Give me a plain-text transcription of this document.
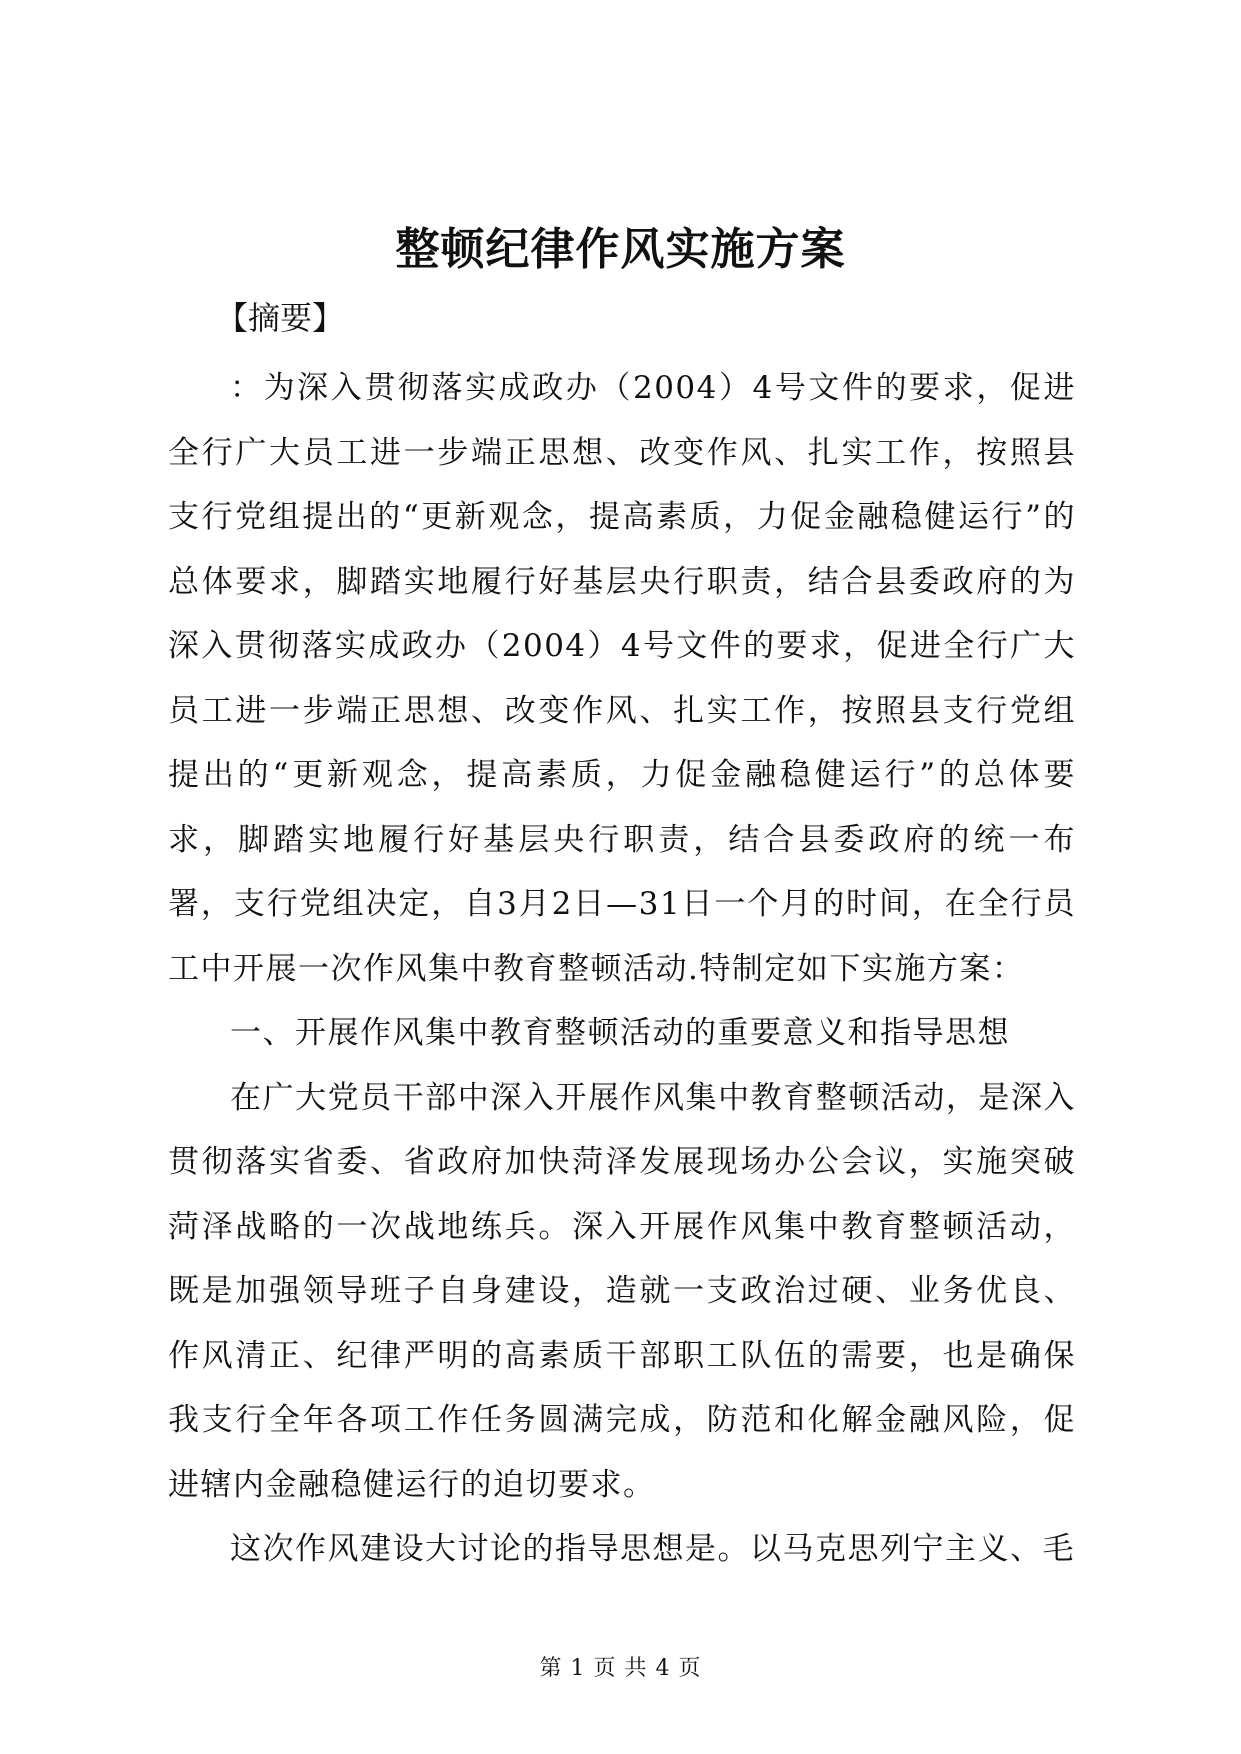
整顿纪律作风实施方案
【摘要】

：为深入贯彻落实成政办（2004）4号文件的要求，促进全行广大员工进一步端正思想、改变作风、扎实工作，按照县支行党组提出的“更新观念，提高素质，力促金融稳健运行”的总体要求，脚踏实地履行好基层央行职责，结合县委政府的为深入贯彻落实成政办（2004）4号文件的要求，促进全行广大员工进一步端正思想、改变作风、扎实工作，按照县支行党组提出的“更新观念，提高素质，力促金融稳健运行”的总体要求，脚踏实地履行好基层央行职责，结合县委政府的统一布署，支行党组决定，自3月2日—31日一个月的时间，在全行员工中开展一次作风集中教育整顿活动.特制定如下实施方案：

一、开展作风集中教育整顿活动的重要意义和指导思想

在广大党员干部中深入开展作风集中教育整顿活动，是深入贯彻落实省委、省政府加快菏泽发展现场办公会议，实施突破菏泽战略的一次战地练兵。深入开展作风集中教育整顿活动，既是加强领导班子自身建设，造就一支政治过硬、业务优良、作风清正、纪律严明的高素质干部职工队伍的需要，也是确保我支行全年各项工作任务圆满完成，防范和化解金融风险，促进辖内金融稳健运行的迫切要求。

这次作风建设大讨论的指导思想是。以马克思列宁主义、毛

第 1 页 共 4 页
